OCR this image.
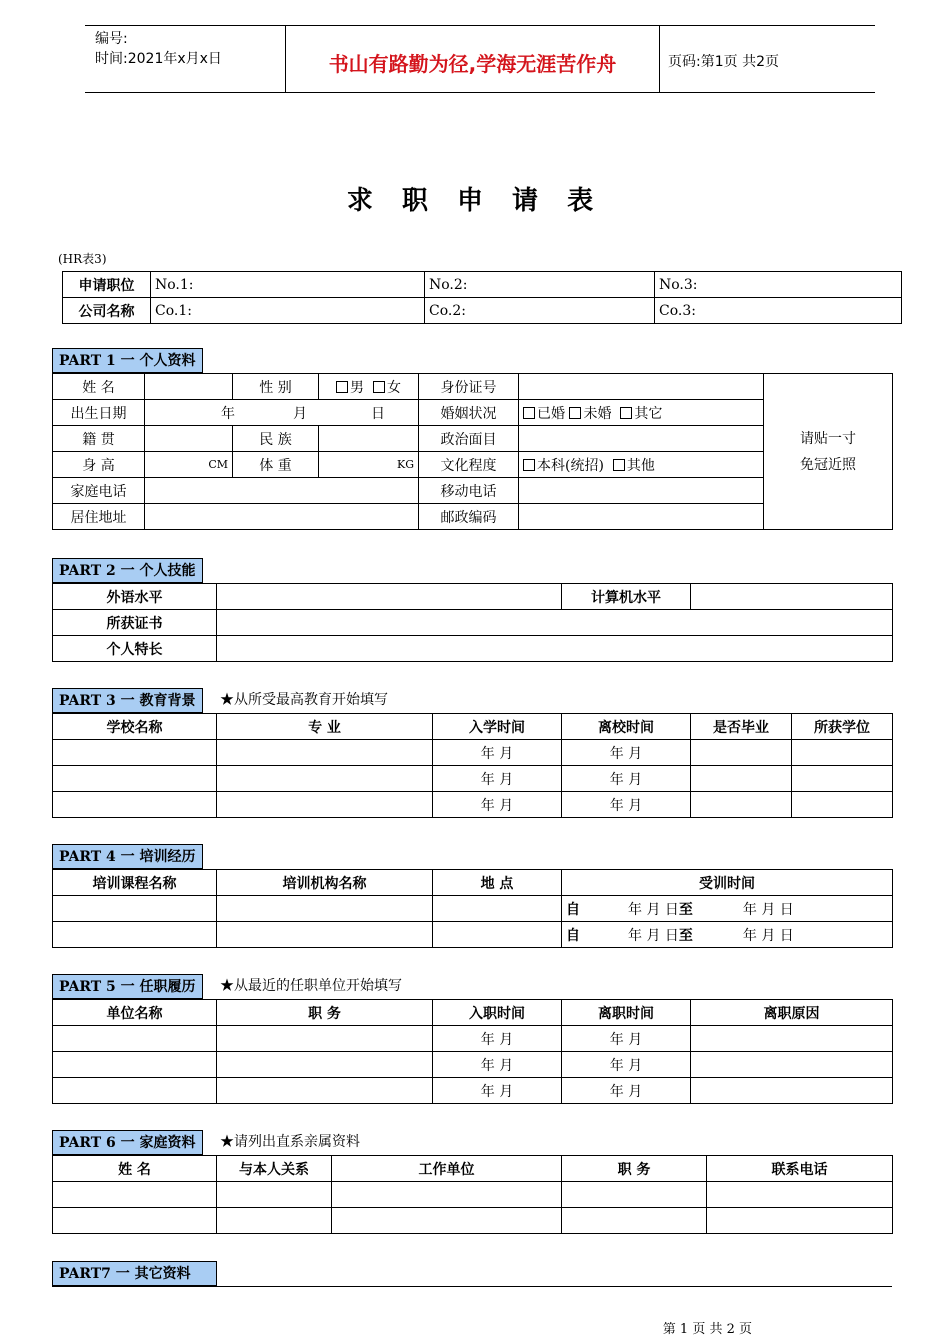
编号:
时间:2021年x月x日	书山有路勤为径,学海无涯苦作舟	页码:第1页 共2页
求 职 申 请 表
(HR表3)
申请职位	No.1:	No.2:	No.3:
公司名称	Co.1:	Co.2:	Co.3:
PART 1 一 个人资料
姓 名		性 别	男 女	身份证号		请贴一寸
免冠近照
出生日期	年 月 日			婚姻状况	已婚 未婚 其它	
籍 贯		民 族		政治面目		
身 高	CM	体 重	KG	文化程度	本科(统招) 其他	
家庭电话				移动电话		
居住地址				邮政编码		
PART 2 一 个人技能
外语水平		计算机水平	
所获证书			
个人特长			
PART 3 一 教育背景	★从所受最高教育开始填写
学校名称	专 业	入学时间	离校时间	是否毕业	所获学位
		年 月	年 月		
		年 月	年 月		
		年 月	年 月		
PART 4 一 培训经历
培训课程名称	培训机构名称	地 点	受训时间
			自 年 月 日至 年 月 日
			自 年 月 日至 年 月 日
PART 5 一 任职履历	★从最近的任职单位开始填写
单位名称	职 务	入职时间	离职时间	离职原因
		年 月	年 月	
		年 月	年 月	
		年 月	年 月	
PART 6 一 家庭资料	★请列出直系亲属资料
姓 名	与本人关系	工作单位	职 务	联系电话

PART7 一 其它资料
第 1 页 共 2 页
